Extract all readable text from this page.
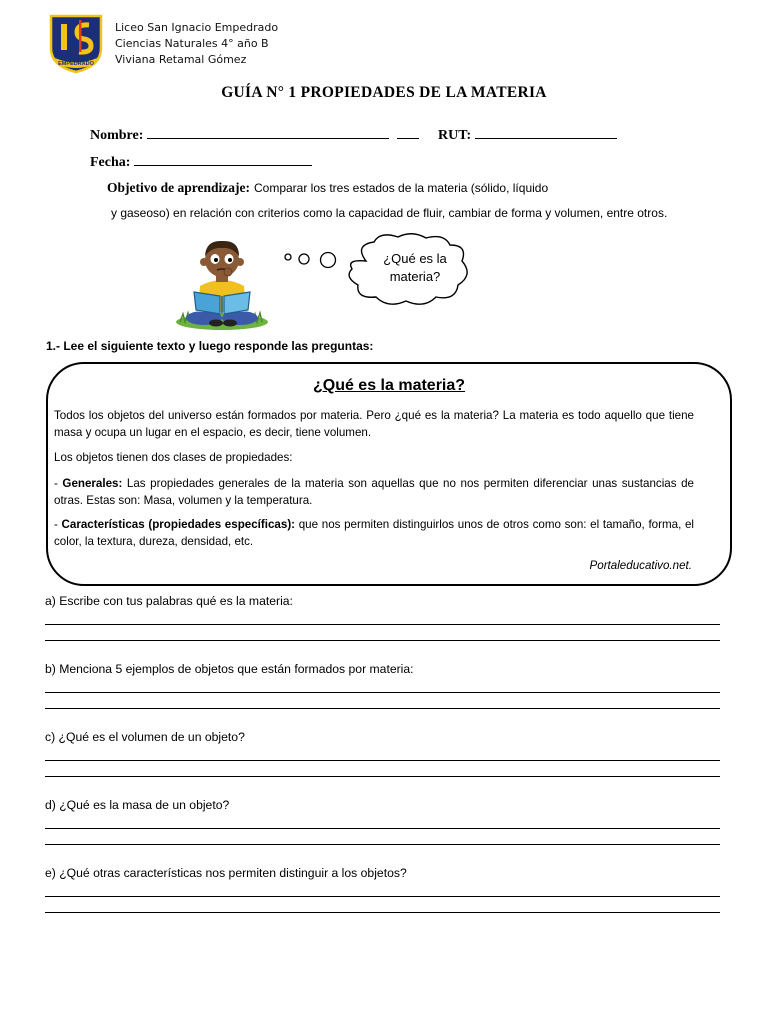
EMPEDRADO
Liceo San Ignacio Empedrado
Ciencias Naturales 4° año B
Viviana Retamal Gómez
GUÍA N° 1 PROPIEDADES DE LA MATERIA
Nombre:	RUT:
Fecha:
Objetivo de aprendizaje: Comparar los tres estados de la materia (sólido, líquido
y gaseoso) en relación con criterios como la capacidad de fluir, cambiar de forma y volumen, entre otros.
¿Qué es la materia?
1.- Lee el siguiente texto y luego responde las preguntas:
¿Qué es la materia?
Todos los objetos del universo están formados por materia. Pero ¿qué es la materia? La materia es todo aquello que tiene masa y ocupa un lugar en el espacio, es decir, tiene volumen.
Los objetos tienen dos clases de propiedades:
- Generales: Las propiedades generales de la materia son aquellas que no nos permiten diferenciar unas sustancias de otras. Estas son: Masa, volumen y la temperatura.
- Características (propiedades específicas): que nos permiten distinguirlos unos de otros como son: el tamaño, forma, el color, la textura, dureza, densidad, etc.
Portaleducativo.net.
a) Escribe con tus palabras qué es la materia:
b) Menciona 5 ejemplos de objetos que están formados por materia:
c) ¿Qué es el volumen de un objeto?
d) ¿Qué es la masa de un objeto?
e) ¿Qué otras características nos permiten distinguir a los objetos?
